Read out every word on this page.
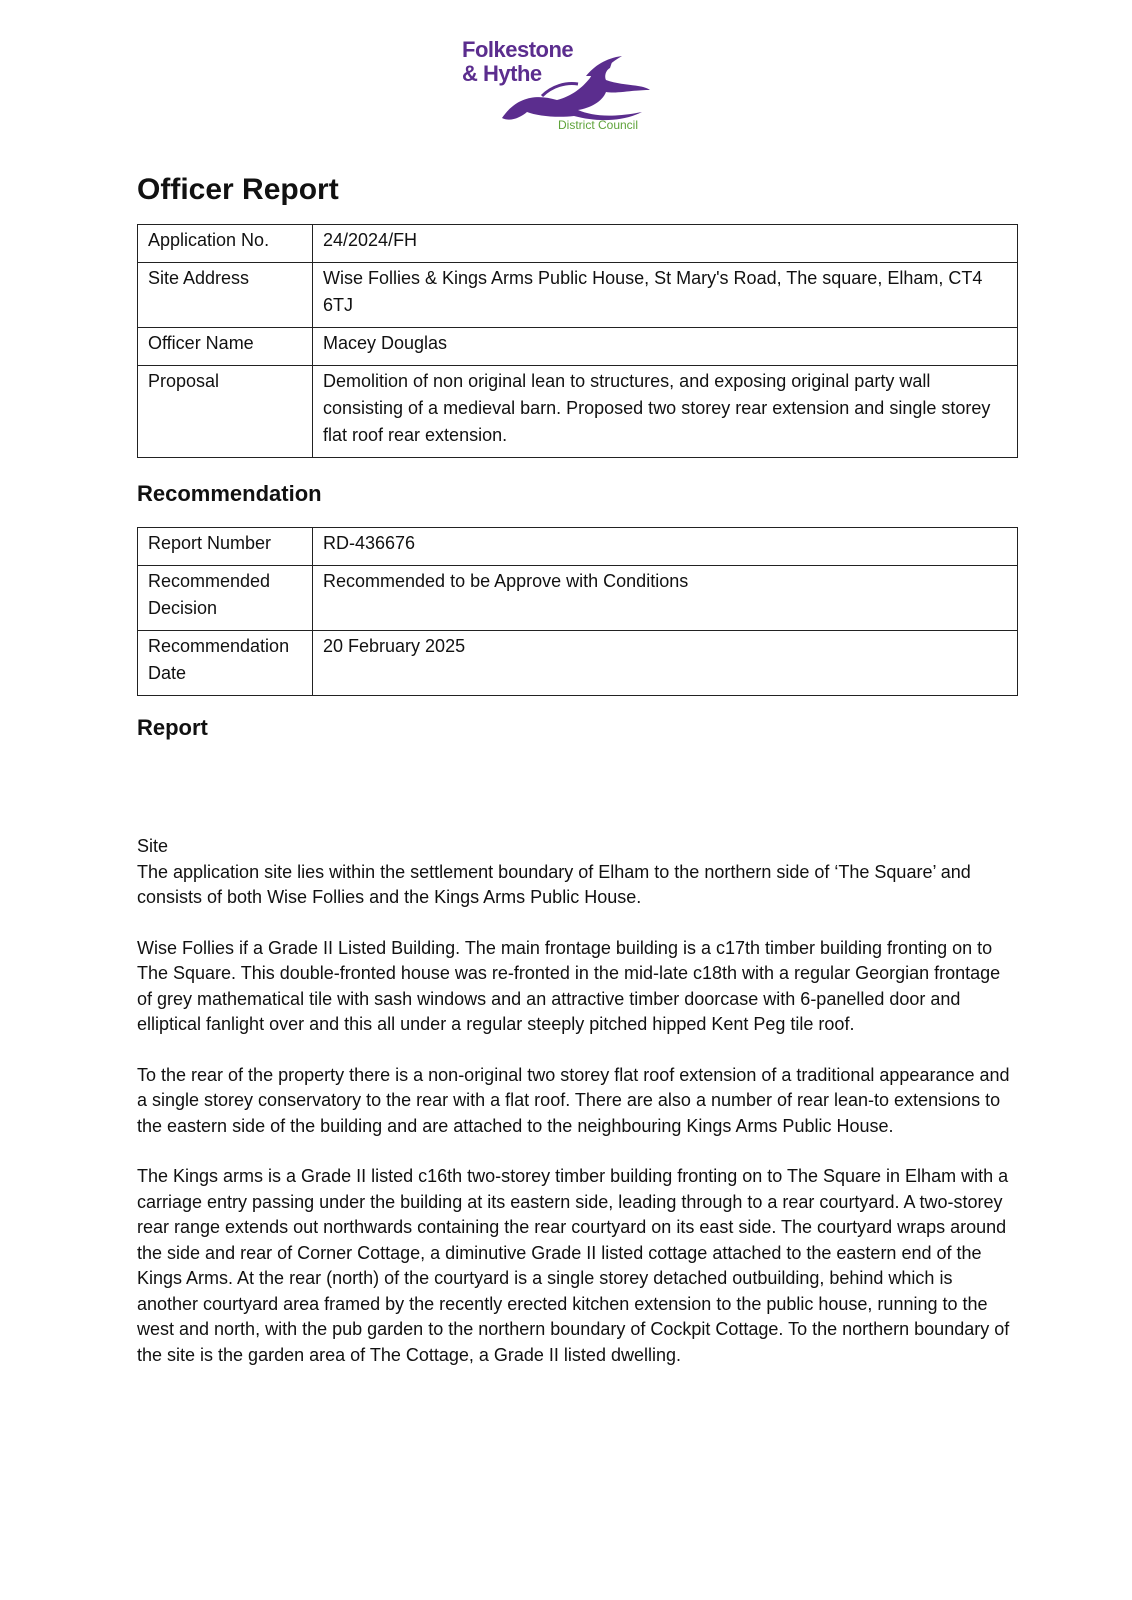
Folkestone
& Hythe
District Council
Officer Report
Application No.	24/2024/FH
Site Address	Wise Follies & Kings Arms Public House, St Mary's Road, The square, Elham, CT4 6TJ
Officer Name	Macey Douglas
Proposal	Demolition of non original lean to structures, and exposing original party wall consisting of a medieval barn. Proposed two storey rear extension and single storey flat roof rear extension.
Recommendation
Report Number	RD-436676
Recommended Decision	Recommended to be Approve with Conditions
Recommendation Date	20 February 2025
Report

Site

The application site lies within the settlement boundary of Elham to the northern side of ‘The Square’ and consists of both Wise Follies and the Kings Arms Public House.

Wise Follies if a Grade II Listed Building. The main frontage building is a c17th timber building fronting on to The Square. This double-fronted house was re-fronted in the mid-late c18th with a regular Georgian frontage of grey mathematical tile with sash windows and an attractive timber doorcase with 6-panelled door and elliptical fanlight over and this all under a regular steeply pitched hipped Kent Peg tile roof.

To the rear of the property there is a non-original two storey flat roof extension of a traditional appearance and a single storey conservatory to the rear with a flat roof. There are also a number of rear lean-to extensions to the eastern side of the building and are attached to the neighbouring Kings Arms Public House.

The Kings arms is a Grade II listed c16th two-storey timber building fronting on to The Square in Elham with a carriage entry passing under the building at its eastern side, leading through to a rear courtyard. A two-storey rear range extends out northwards containing the rear courtyard on its east side. The courtyard wraps around the side and rear of Corner Cottage, a diminutive Grade II listed cottage attached to the eastern end of the Kings Arms. At the rear (north) of the courtyard is a single storey detached outbuilding, behind which is another courtyard area framed by the recently erected kitchen extension to the public house, running to the west and north, with the pub garden to the northern boundary of Cockpit Cottage. To the northern boundary of the site is the garden area of The Cottage, a Grade II listed dwelling.
